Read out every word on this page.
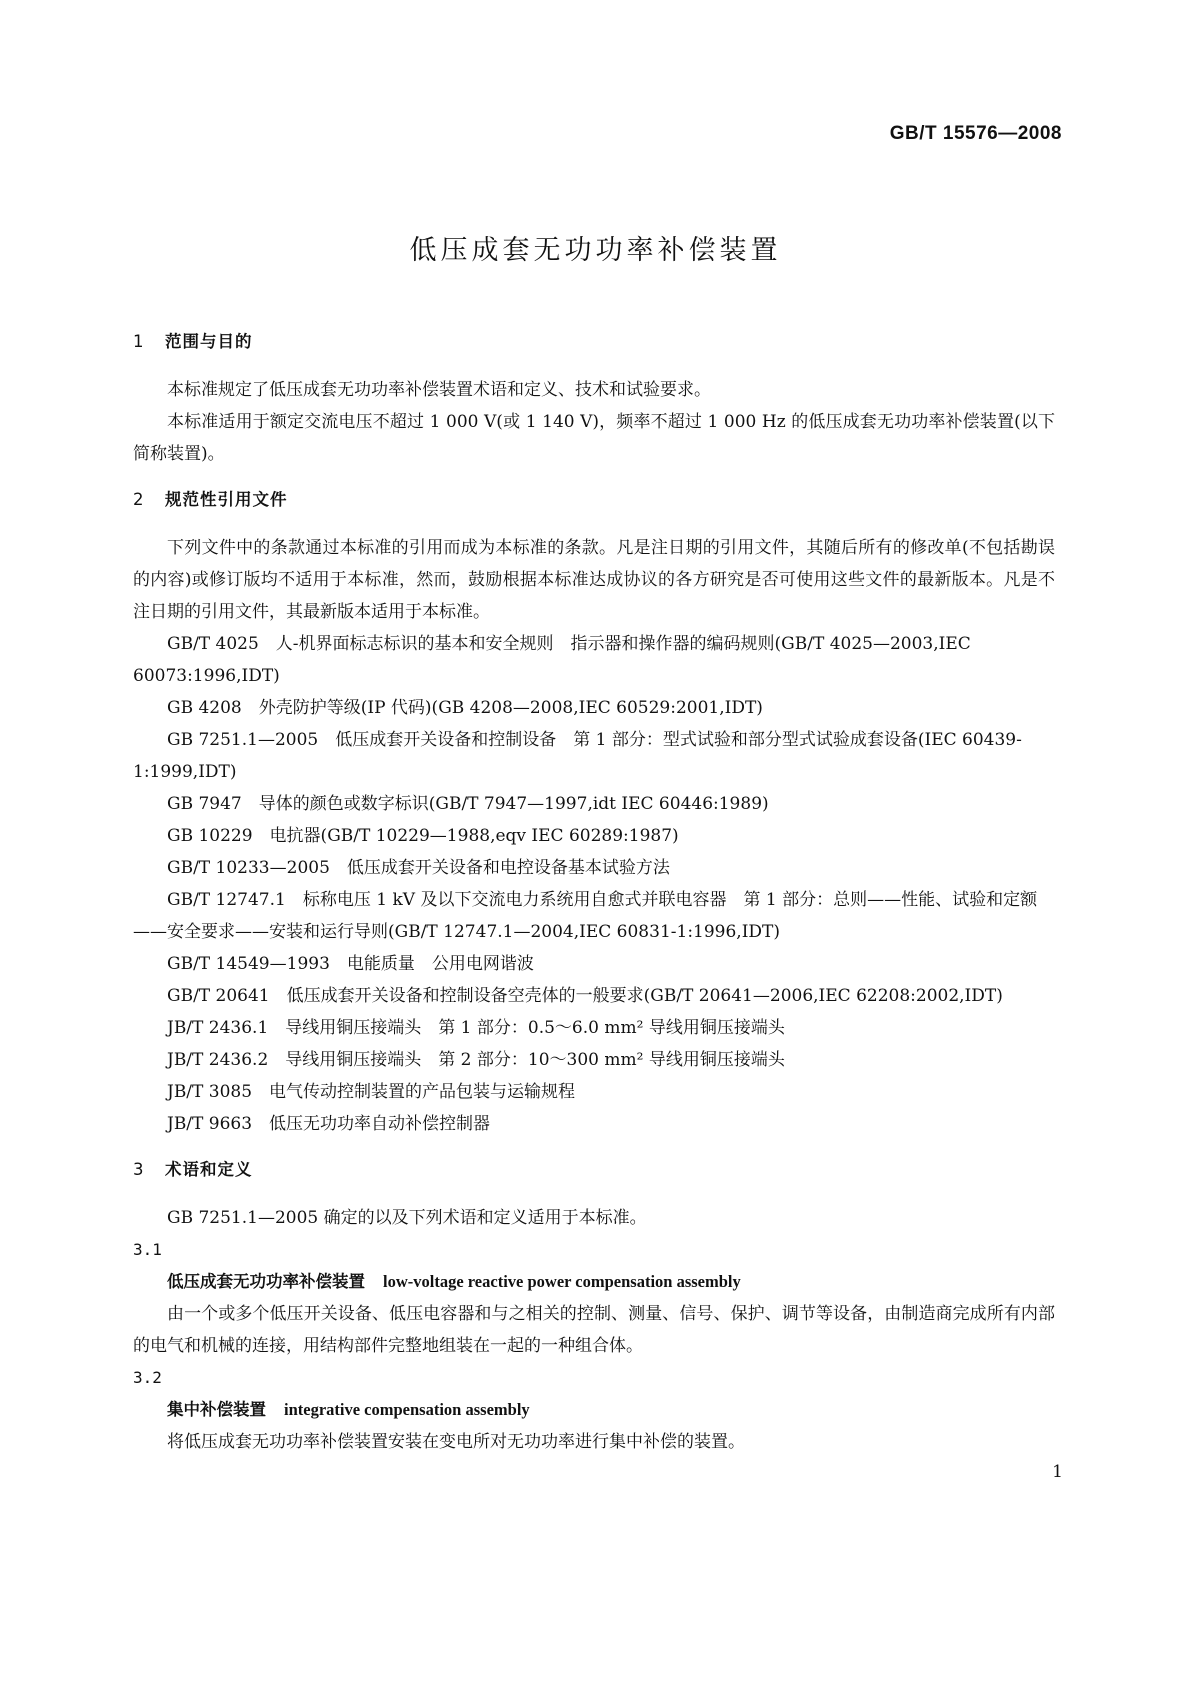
GB/T 15576—2008
低压成套无功功率补偿装置
1 范围与目的

本标准规定了低压成套无功功率补偿装置术语和定义、技术和试验要求。

本标准适用于额定交流电压不超过 1 000 V(或 1 140 V)，频率不超过 1 000 Hz 的低压成套无功功率补偿装置(以下简称装置)。

2 规范性引用文件

下列文件中的条款通过本标准的引用而成为本标准的条款。凡是注日期的引用文件，其随后所有的修改单(不包括勘误的内容)或修订版均不适用于本标准，然而，鼓励根据本标准达成协议的各方研究是否可使用这些文件的最新版本。凡是不注日期的引用文件，其最新版本适用于本标准。

GB/T 4025　人-机界面标志标识的基本和安全规则　指示器和操作器的编码规则(GB/T 4025—2003,IEC 60073:1996,IDT)

GB 4208　外壳防护等级(IP 代码)(GB 4208—2008,IEC 60529:2001,IDT)

GB 7251.1—2005　低压成套开关设备和控制设备　第 1 部分：型式试验和部分型式试验成套设备(IEC 60439-1:1999,IDT)

GB 7947　导体的颜色或数字标识(GB/T 7947—1997,idt IEC 60446:1989)

GB 10229　电抗器(GB/T 10229—1988,eqv IEC 60289:1987)

GB/T 10233—2005　低压成套开关设备和电控设备基本试验方法

GB/T 12747.1　标称电压 1 kV 及以下交流电力系统用自愈式并联电容器　第 1 部分：总则——性能、试验和定额——安全要求——安装和运行导则(GB/T 12747.1—2004,IEC 60831-1:1996,IDT)

GB/T 14549—1993　电能质量　公用电网谐波

GB/T 20641　低压成套开关设备和控制设备空壳体的一般要求(GB/T 20641—2006,IEC 62208:2002,IDT)

JB/T 2436.1　导线用铜压接端头　第 1 部分：0.5～6.0 mm² 导线用铜压接端头

JB/T 2436.2　导线用铜压接端头　第 2 部分：10～300 mm² 导线用铜压接端头

JB/T 3085　电气传动控制装置的产品包装与运输规程

JB/T 9663　低压无功功率自动补偿控制器

3 术语和定义

GB 7251.1—2005 确定的以及下列术语和定义适用于本标准。

3.1

低压成套无功功率补偿装置 low-voltage reactive power compensation assembly

由一个或多个低压开关设备、低压电容器和与之相关的控制、测量、信号、保护、调节等设备，由制造商完成所有内部的电气和机械的连接，用结构部件完整地组装在一起的一种组合体。

3.2

集中补偿装置 integrative compensation assembly

将低压成套无功功率补偿装置安装在变电所对无功功率进行集中补偿的装置。

1
